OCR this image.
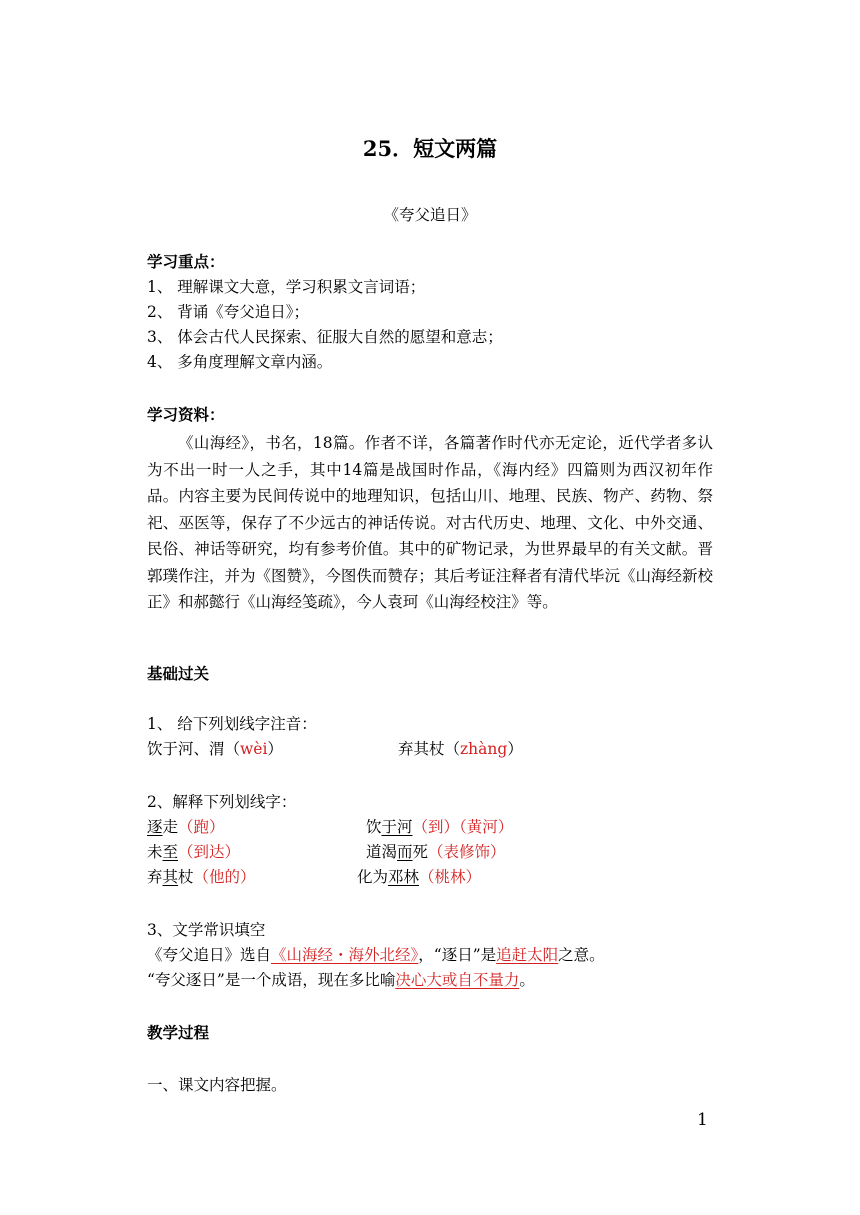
25．短文两篇
《夸父追日》
学习重点：
1、 理解课文大意，学习积累文言词语；
2、 背诵《夸父追日》；
3、 体会古代人民探索、征服大自然的愿望和意志；
4、 多角度理解文章内涵。
学习资料：
《山海经》，书名，18篇。作者不详，各篇著作时代亦无定论，近代学者多认为不出一时一人之手，其中14篇是战国时作品，《海内经》四篇则为西汉初年作品。内容主要为民间传说中的地理知识，包括山川、地理、民族、物产、药物、祭祀、巫医等，保存了不少远古的神话传说。对古代历史、地理、文化、中外交通、民俗、神话等研究，均有参考价值。其中的矿物记录，为世界最早的有关文献。晋郭璞作注，并为《图赞》，今图佚而赞存；其后考证注释者有清代毕沅《山海经新校正》和郝懿行《山海经笺疏》，今人袁珂《山海经校注》等。
基础过关
1、 给下列划线字注音：
饮于河、渭（wèi）	弃其杖（zhàng）
2、解释下列划线字：
逐走（跑）	饮于河（到）（黄河）
未至（到达）	道渴而死（表修饰）
弃其杖（他的）	化为邓林（桃林）
3、文学常识填空
《夸父追日》选自《山海经・海外北经》，“逐日”是追赶太阳之意。
“夸父逐日”是一个成语，现在多比喻决心大或自不量力。
教学过程
一、课文内容把握。
1
